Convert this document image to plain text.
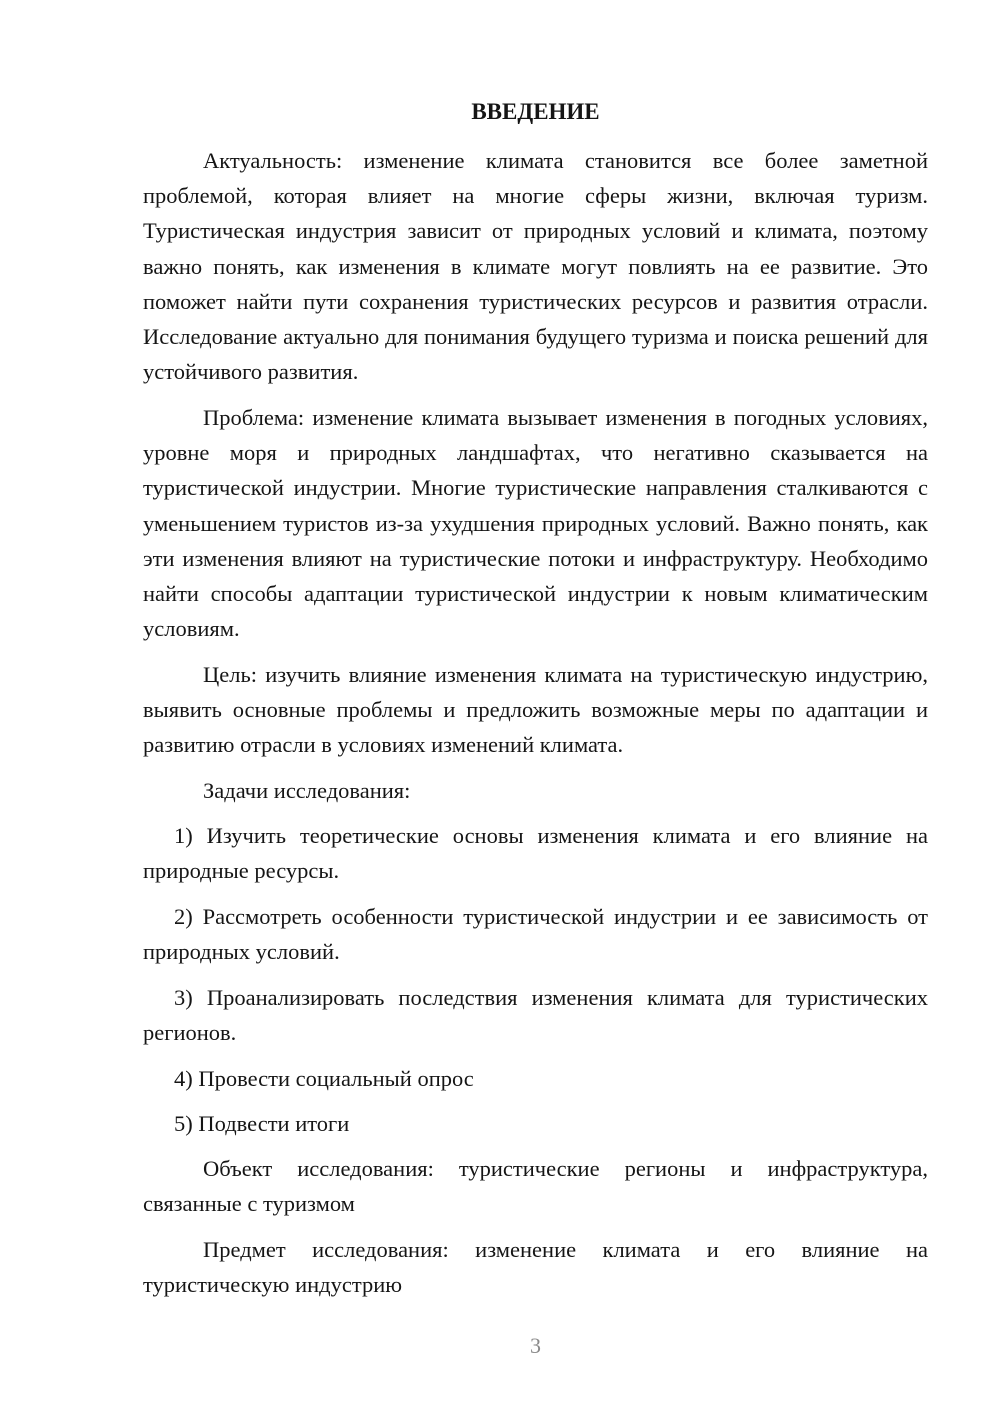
ВВЕДЕНИЕ

Актуальность: изменение климата становится все более заметной проблемой, которая влияет на многие сферы жизни, включая туризм. Туристическая индустрия зависит от природных условий и климата, поэтому важно понять, как изменения в климате могут повлиять на ее развитие. Это поможет найти пути сохранения туристических ресурсов и развития отрасли. Исследование актуально для понимания будущего туризма и поиска решений для устойчивого развития.

Проблема: изменение климата вызывает изменения в погодных условиях, уровне моря и природных ландшафтах, что негативно сказывается на туристической индустрии. Многие туристические направления сталкиваются с уменьшением туристов из-за ухудшения природных условий. Важно понять, как эти изменения влияют на туристические потоки и инфраструктуру. Необходимо найти способы адаптации туристической индустрии к новым климатическим условиям.

Цель: изучить влияние изменения климата на туристическую индустрию, выявить основные проблемы и предложить возможные меры по адаптации и развитию отрасли в условиях изменений климата.

Задачи исследования:

1) Изучить теоретические основы изменения климата и его влияние на природные ресурсы.

2) Рассмотреть особенности туристической индустрии и ее зависимость от природных условий.

3) Проанализировать последствия изменения климата для туристических регионов.

4) Провести социальный опрос

5) Подвести итоги

Объект исследования: туристические регионы и инфраструктура, связанные с туризмом

Предмет исследования: изменение климата и его влияние на туристическую индустрию

3
